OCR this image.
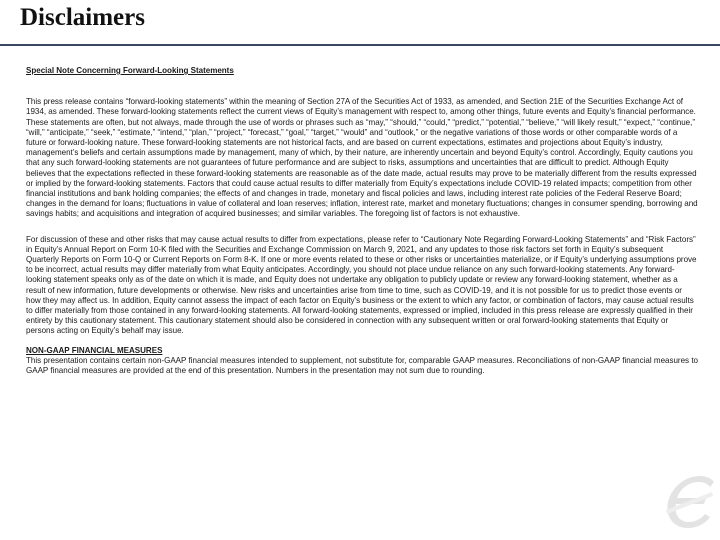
Disclaimers

Special Note Concerning Forward-Looking Statements

This press release contains “forward-looking statements” within the meaning of Section 27A of the Securities Act of 1933, as amended, and Section 21E of the Securities Exchange Act of 1934, as amended. These forward-looking statements reflect the current views of Equity’s management with respect to, among other things, future events and Equity’s financial performance. These statements are often, but not always, made through the use of words or phrases such as “may,” “should,” “could,” “predict,” “potential,” “believe,” “will likely result,” “expect,” “continue,” “will,” “anticipate,” “seek,” “estimate,” “intend,” “plan,” “project,” “forecast,” “goal,” “target,” “would” and “outlook,” or the negative variations of those words or other comparable words of a future or forward-looking nature. These forward-looking statements are not historical facts, and are based on current expectations, estimates and projections about Equity’s industry, management’s beliefs and certain assumptions made by management, many of which, by their nature, are inherently uncertain and beyond Equity’s control. Accordingly, Equity cautions you that any such forward-looking statements are not guarantees of future performance and are subject to risks, assumptions and uncertainties that are difficult to predict. Although Equity believes that the expectations reflected in these forward-looking statements are reasonable as of the date made, actual results may prove to be materially different from the results expressed or implied by the forward-looking statements. Factors that could cause actual results to differ materially from Equity’s expectations include COVID-19 related impacts; competition from other financial institutions and bank holding companies; the effects of and changes in trade, monetary and fiscal policies and laws, including interest rate policies of the Federal Reserve Board; changes in the demand for loans; fluctuations in value of collateral and loan reserves; inflation, interest rate, market and monetary fluctuations; changes in consumer spending, borrowing and savings habits; and acquisitions and integration of acquired businesses; and similar variables. The foregoing list of factors is not exhaustive.

For discussion of these and other risks that may cause actual results to differ from expectations, please refer to “Cautionary Note Regarding Forward-Looking Statements” and “Risk Factors” in Equity’s Annual Report on Form 10-K filed with the Securities and Exchange Commission on March 9, 2021, and any updates to those risk factors set forth in Equity’s subsequent Quarterly Reports on Form 10-Q or Current Reports on Form 8-K. If one or more events related to these or other risks or uncertainties materialize, or if Equity’s underlying assumptions prove to be incorrect, actual results may differ materially from what Equity anticipates. Accordingly, you should not place undue reliance on any such forward-looking statements. Any forward-looking statement speaks only as of the date on which it is made, and Equity does not undertake any obligation to publicly update or review any forward-looking statement, whether as a result of new information, future developments or otherwise. New risks and uncertainties arise from time to time, such as COVID-19, and it is not possible for us to predict those events or how they may affect us. In addition, Equity cannot assess the impact of each factor on Equity’s business or the extent to which any factor, or combination of factors, may cause actual results to differ materially from those contained in any forward-looking statements. All forward-looking statements, expressed or implied, included in this press release are expressly qualified in their entirety by this cautionary statement. This cautionary statement should also be considered in connection with any subsequent written or oral forward-looking statements that Equity or persons acting on Equity’s behalf may issue.

NON-GAAP FINANCIAL MEASURES

This presentation contains certain non-GAAP financial measures intended to supplement, not substitute for, comparable GAAP measures. Reconciliations of non-GAAP financial measures to GAAP financial measures are provided at the end of this presentation. Numbers in the presentation may not sum due to rounding.
